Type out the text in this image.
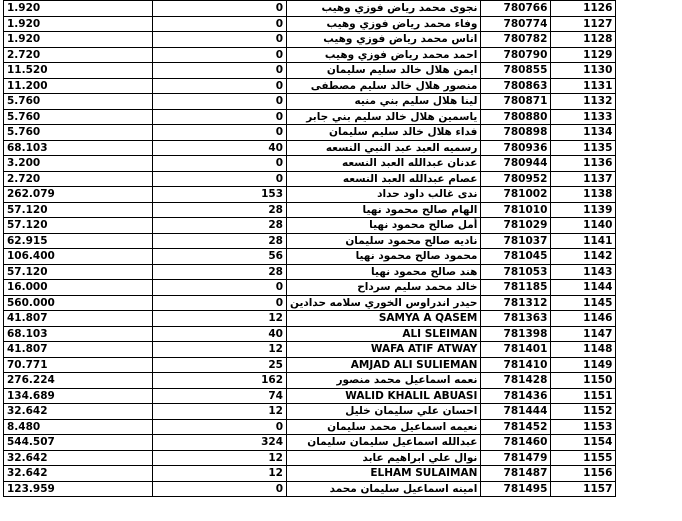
1.920	0	نجوى محمد رياض فوزي وهيب	780766	1126
1.920	0	وفاء محمد رياض فوزي وهيب	780774	1127
1.920	0	اناس محمد رياض فوزي وهيب	780782	1128
2.720	0	احمد محمد رياض فوزي وهيب	780790	1129
11.520	0	ايمن هلال خالد سليم سليمان	780855	1130
11.200	0	منصور هلال خالد سليم مصطفى	780863	1131
5.760	0	لينا هلال سليم بني منيه	780871	1132
5.760	0	ياسمين هلال خالد سليم بني جابر	780880	1133
5.760	0	فداء هلال خالد سليم سليمان	780898	1134
68.103	40	رسميه العبد عبد النبي النسعه	780936	1135
3.200	0	عدنان عبدالله العبد النسعه	780944	1136
2.720	0	عصام عبدالله العبد النسعه	780952	1137
262.079	153	ندى غالب داود حداد	781002	1138
57.120	28	الهام صالح محمود نهيا	781010	1139
57.120	28	أمل صالح محمود نهيا	781029	1140
62.915	28	ناديه صالح محمود سليمان	781037	1141
106.400	56	محمود صالح محمود نهيا	781045	1142
57.120	28	هند صالح محمود نهيا	781053	1143
16.000	0	خالد محمد سليم سرداح	781185	1144
560.000	0	حيدر اندراوس الخوري سلامه حدادين	781312	1145
41.807	12	SAMYA A QASEM	781363	1146
68.103	40	ALI SLEIMAN	781398	1147
41.807	12	WAFA ATIF ATWAY	781401	1148
70.771	25	AMJAD ALI SULIEMAN	781410	1149
276.224	162	نعمه اسماعيل محمد منصور	781428	1150
134.689	74	WALID KHALIL ABUASI	781436	1151
32.642	12	احسان علي سليمان خليل	781444	1152
8.480	0	نعيمه اسماعيل محمد سليمان	781452	1153
544.507	324	عبدالله اسماعيل سليمان سليمان	781460	1154
32.642	12	نوال علي ابراهيم عابد	781479	1155
32.642	12	ELHAM SULAIMAN	781487	1156
123.959	0	امينه اسماعيل سليمان محمد	781495	1157
